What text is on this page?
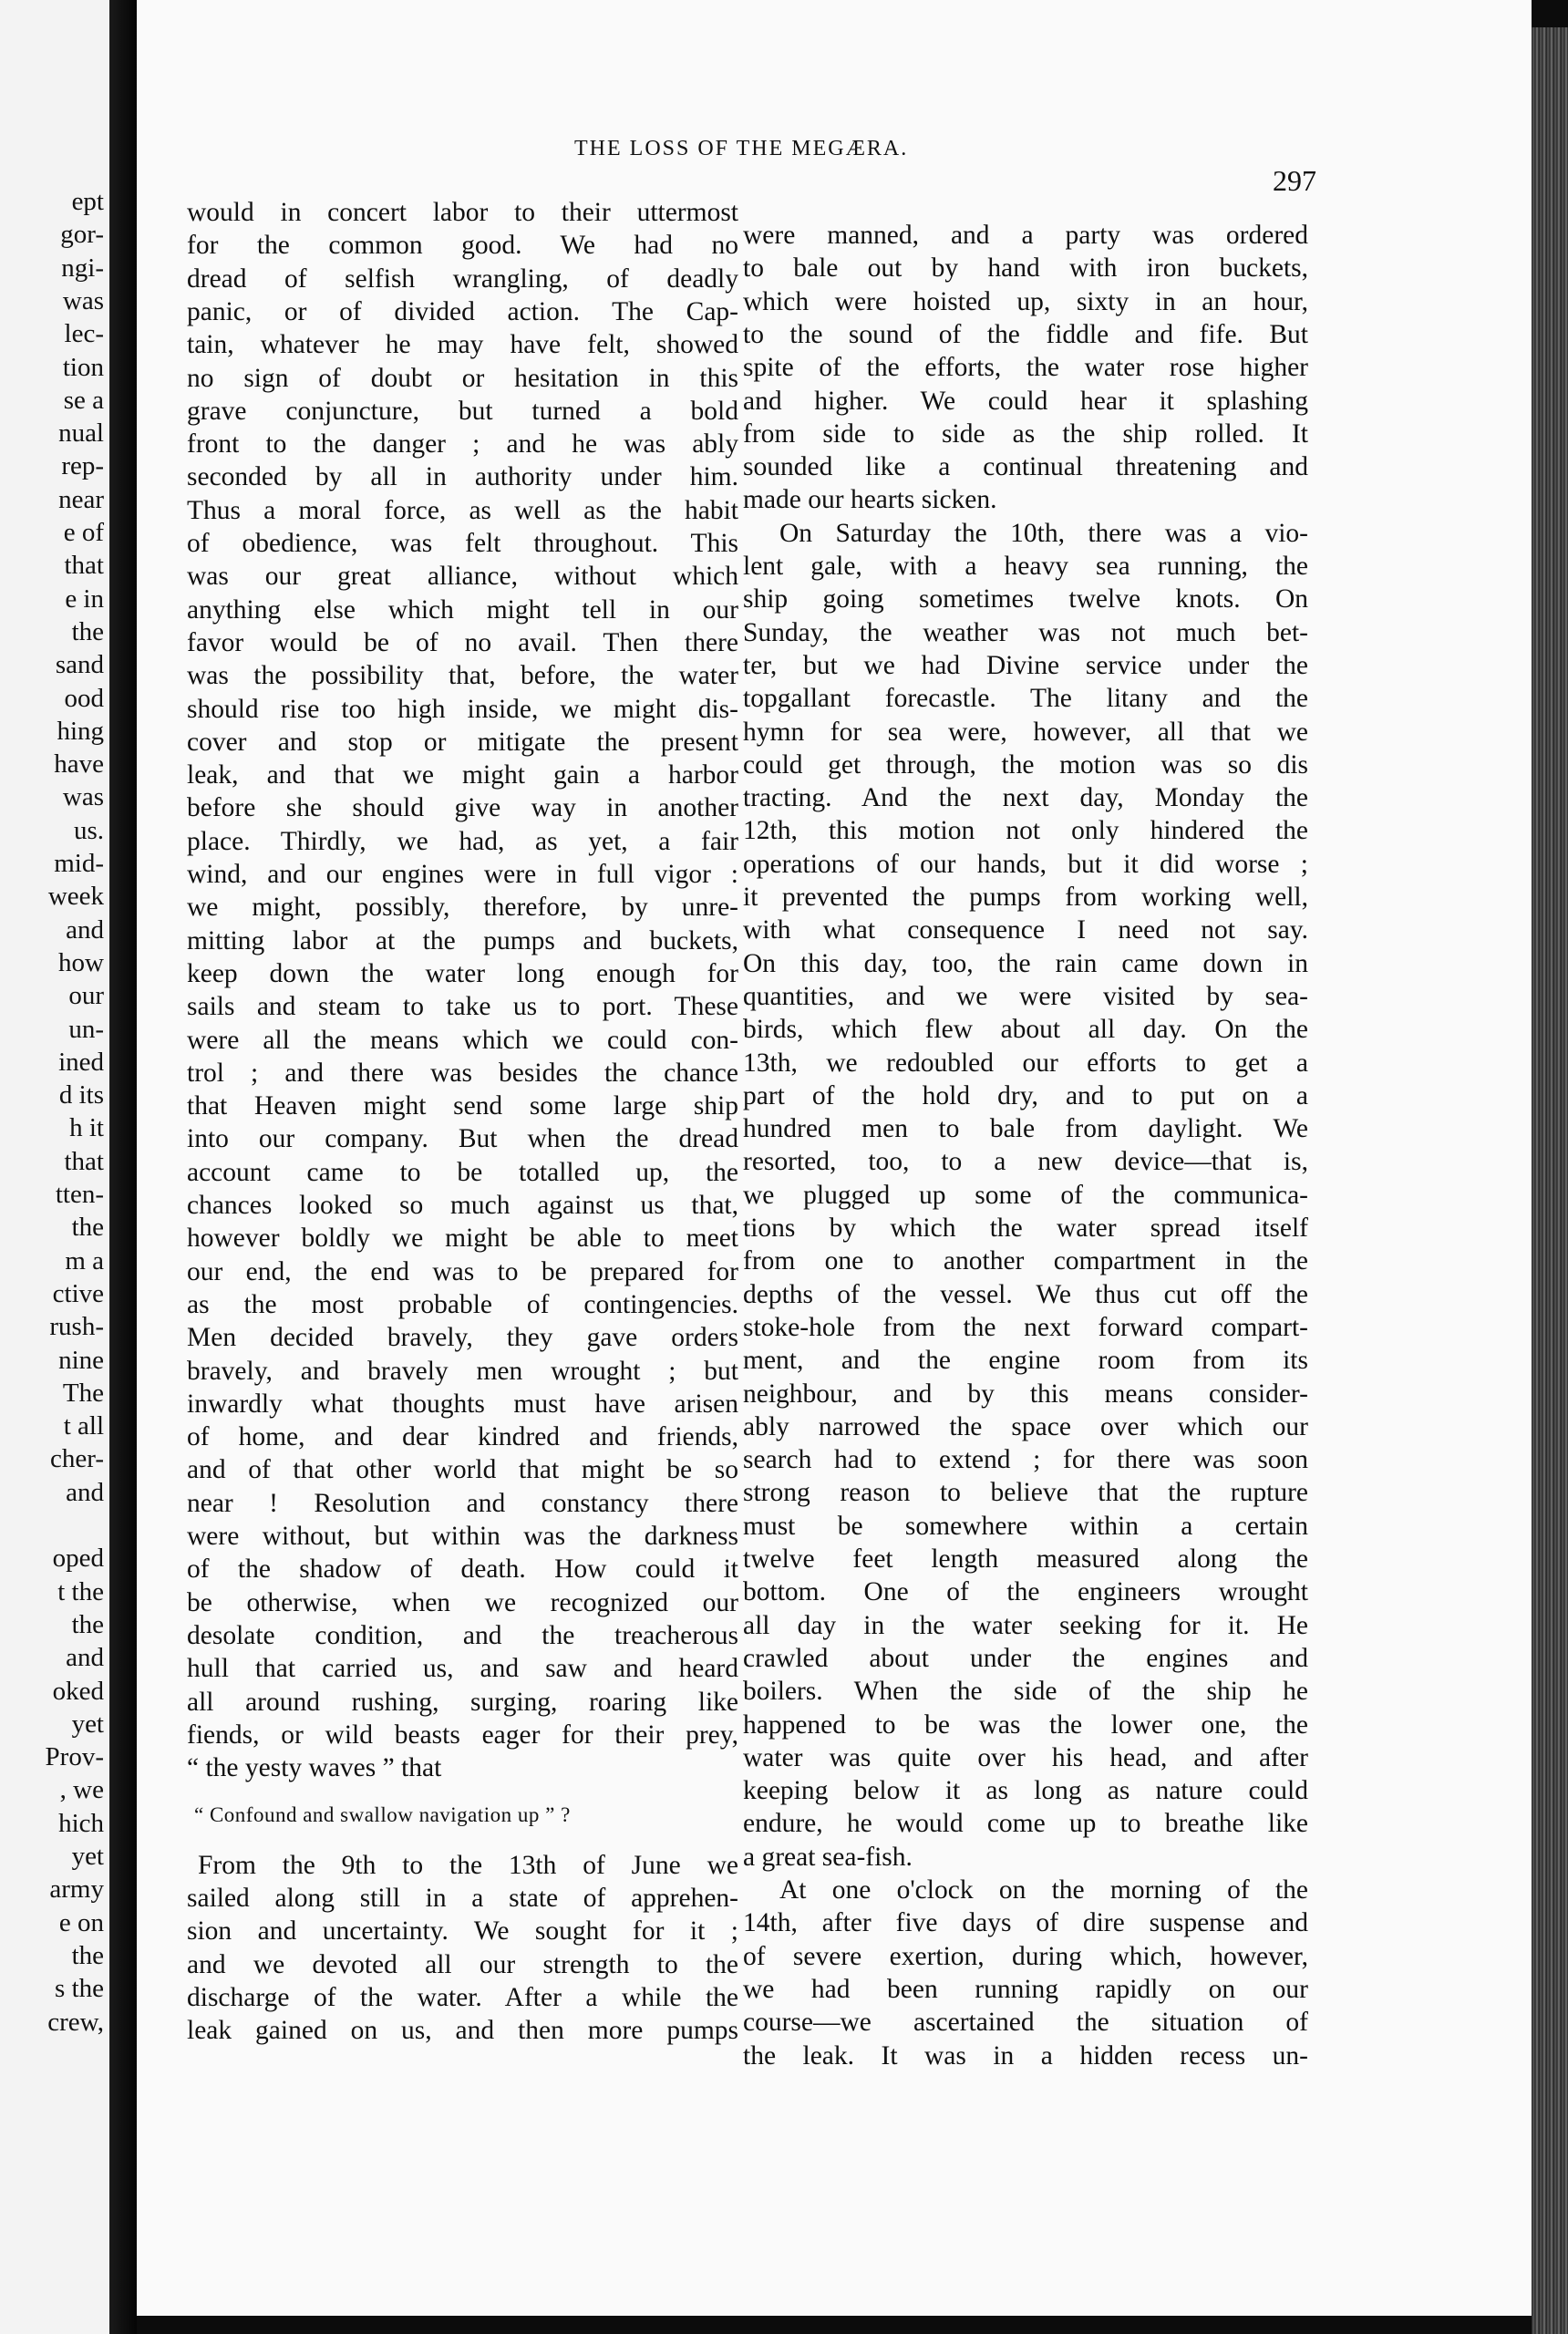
THE LOSS OF THE MEGÆRA.
297
ept
gor-
ngi-
was
lec-
tion
se a
nual
rep-
near
e of
that
e in
the
sand
ood
hing
have
was
us.
mid-
week
and
how
our
un-
ined
d its
h it
that
tten-
the
m a
ctive
rush-
nine
The
t all
cher-
and
oped
t the
the
and
oked
yet
Prov-
, we
hich
yet
army
e on
the
s the
crew,
would in concert labor to their uttermost
for the common good. We had no
dread of selfish wrangling, of deadly
panic, or of divided action. The Cap-
tain, whatever he may have felt, showed
no sign of doubt or hesitation in this
grave conjuncture, but turned a bold
front to the danger ; and he was ably
seconded by all in authority under him.
Thus a moral force, as well as the habit
of obedience, was felt throughout. This
was our great alliance, without which
anything else which might tell in our
favor would be of no avail. Then there
was the possibility that, before, the water
should rise too high inside, we might dis-
cover and stop or mitigate the present
leak, and that we might gain a harbor
before she should give way in another
place. Thirdly, we had, as yet, a fair
wind, and our engines were in full vigor :
we might, possibly, therefore, by unre-
mitting labor at the pumps and buckets,
keep down the water long enough for
sails and steam to take us to port. These
were all the means which we could con-
trol ; and there was besides the chance
that Heaven might send some large ship
into our company. But when the dread
account came to be totalled up, the
chances looked so much against us that,
however boldly we might be able to meet
our end, the end was to be prepared for
as the most probable of contingencies.
Men decided bravely, they gave orders
bravely, and bravely men wrought ; but
inwardly what thoughts must have arisen
of home, and dear kindred and friends,
and of that other world that might be so
near ! Resolution and constancy there
were without, but within was the darkness
of the shadow of death. How could it
be otherwise, when we recognized our
desolate condition, and the treacherous
hull that carried us, and saw and heard
all around rushing, surging, roaring like
fiends, or wild beasts eager for their prey,
“ the yesty waves ” that
“ Confound and swallow navigation up ” ?
From the 9th to the 13th of June we
sailed along still in a state of apprehen-
sion and uncertainty. We sought for it ;
and we devoted all our strength to the
discharge of the water. After a while the
leak gained on us, and then more pumps
were manned, and a party was ordered
to bale out by hand with iron buckets,
which were hoisted up, sixty in an hour,
to the sound of the fiddle and fife. But
spite of the efforts, the water rose higher
and higher. We could hear it splashing
from side to side as the ship rolled. It
sounded like a continual threatening and
made our hearts sicken.
On Saturday the 10th, there was a vio-
lent gale, with a heavy sea running, the
ship going sometimes twelve knots. On
Sunday, the weather was not much bet-
ter, but we had Divine service under the
topgallant forecastle. The litany and the
hymn for sea were, however, all that we
could get through, the motion was so dis
tracting. And the next day, Monday the
12th, this motion not only hindered the
operations of our hands, but it did worse ;
it prevented the pumps from working well,
with what consequence I need not say.
On this day, too, the rain came down in
quantities, and we were visited by sea-
birds, which flew about all day. On the
13th, we redoubled our efforts to get a
part of the hold dry, and to put on a
hundred men to bale from daylight. We
resorted, too, to a new device—that is,
we plugged up some of the communica-
tions by which the water spread itself
from one to another compartment in the
depths of the vessel. We thus cut off the
stoke-hole from the next forward compart-
ment, and the engine room from its
neighbour, and by this means consider-
ably narrowed the space over which our
search had to extend ; for there was soon
strong reason to believe that the rupture
must be somewhere within a certain
twelve feet length measured along the
bottom. One of the engineers wrought
all day in the water seeking for it. He
crawled about under the engines and
boilers. When the side of the ship he
happened to be was the lower one, the
water was quite over his head, and after
keeping below it as long as nature could
endure, he would come up to breathe like
a great sea-fish.
At one o'clock on the morning of the
14th, after five days of dire suspense and
of severe exertion, during which, however,
we had been running rapidly on our
course—we ascertained the situation of
the leak. It was in a hidden recess un-
